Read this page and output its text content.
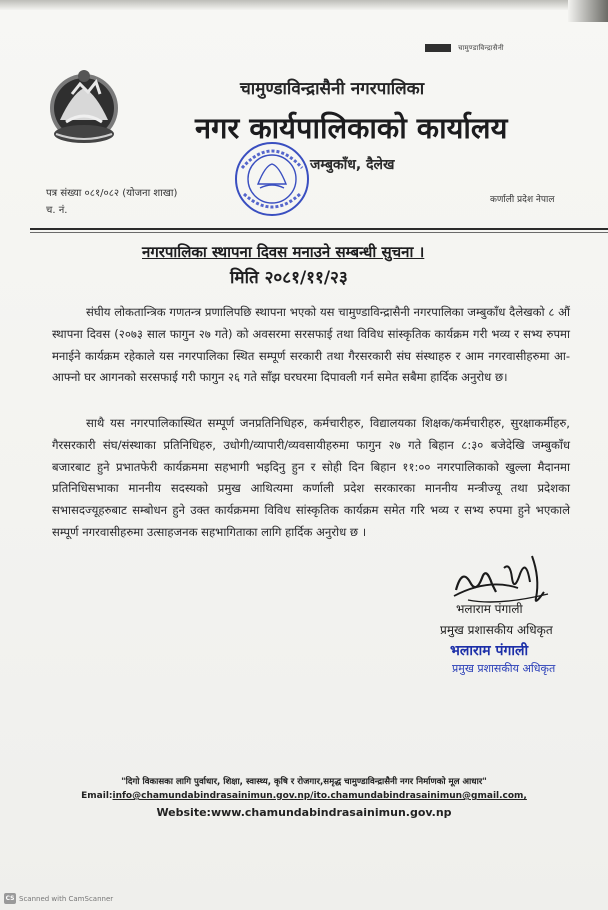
चामुण्डाविन्द्रासैनी
चामुण्डाविन्द्रासैनी नगरपालिका
नगर कार्यपालिकाको कार्यालय
जम्बुकाँध, दैलेख
पत्र संख्या ०८१/०८२ (योजना शाखा)
च. नं.
कर्णाली प्रदेश नेपाल
नगरपालिका स्थापना दिवस मनाउने सम्बन्धी सुचना ।
मिति २०८१/११/२३
संघीय लोकतान्त्रिक गणतन्त्र प्रणालिपछि स्थापना भएको यस चामुण्डाविन्द्रासैनी नगरपालिका जम्बुकाँध दैलेखको ८ औं स्थापना दिवस (२०७३ साल फागुन २७ गते) को अवसरमा सरसफाई तथा विविध सांस्कृतिक कार्यक्रम गरी भव्य र सभ्य रुपमा मनाईने कार्यक्रम रहेकाले यस नगरपालिका स्थित सम्पूर्ण सरकारी तथा गैरसरकारी संघ संस्थाहरु र आम नगरवासीहरुमा आ-आफ्नो घर आगनको सरसफाई गरी फागुन २६ गते साँझ घरघरमा दिपावली गर्न समेत सबैमा हार्दिक अनुरोध छ।
साथै यस नगरपालिकास्थित सम्पूर्ण जनप्रतिनिधिहरु, कर्मचारीहरु, विद्यालयका शिक्षक/कर्मचारीहरु, सुरक्षाकर्मीहरु, गैरसरकारी संघ/संस्थाका प्रतिनिधिहरु, उधोगी/व्यापारी/व्यवसायीहरुमा फागुन २७ गते बिहान ८:३० बजेदेखि जम्बुकाँध बजारबाट हुने प्रभातफेरी कार्यक्रममा सहभागी भइदिनु हुन र सोही दिन बिहान ११:०० नगरपालिकाको खुल्ला मैदानमा प्रतिनिधिसभाका माननीय सदस्यको प्रमुख आथित्यमा कर्णाली प्रदेश सरकारका माननीय मन्त्रीज्यू तथा प्रदेशका सभासदज्यूहरुबाट सम्बोधन हुने उक्त कार्यक्रममा विविध सांस्कृतिक कार्यक्रम समेत गरि भव्य र सभ्य रुपमा हुने भएकाले सम्पूर्ण नगरवासीहरुमा उत्साहजनक सहभागिताका लागि हार्दिक अनुरोध छ ।
भलाराम पंगाली
प्रमुख प्रशासकीय अधिकृत
भलाराम पंगाली
प्रमुख प्रशासकीय अधिकृत
"दिगो विकासका लागि पुर्वाधार, शिक्षा, स्वास्थ्य, कृषि र रोजगार,समृद्ध चामुण्डाविन्द्रासैनी नगर निर्माणको मूल आधार"
Email:info@chamundabindrasainimun.gov.np/ito.chamundabindrasainimun@gmail.com,
Website:www.chamundabindrasainimun.gov.np
CS Scanned with CamScanner
